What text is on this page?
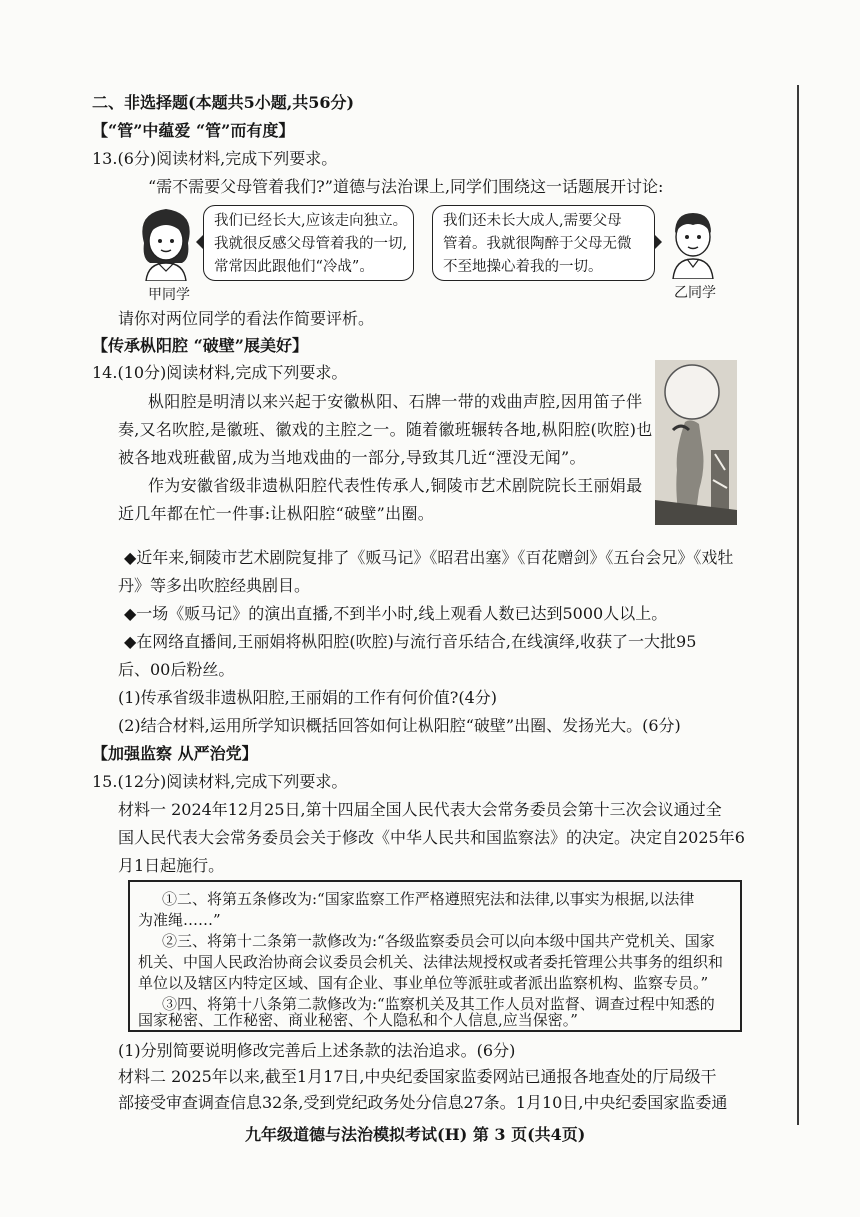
二、非选择题(本题共5小题,共56分)
【“管”中蕴爱 “管”而有度】
13.(6分)阅读材料,完成下列要求。
“需不需要父母管着我们?”道德与法治课上,同学们围绕这一话题展开讨论:
甲同学
我们已经长大,应该走向独立。
我就很反感父母管着我的一切,
常常因此跟他们“冷战”。
我们还未长大成人,需要父母
管着。我就很陶醉于父母无微
不至地操心着我的一切。
乙同学
请你对两位同学的看法作简要评析。
【传承枞阳腔 “破壁”展美好】
14.(10分)阅读材料,完成下列要求。
枞阳腔是明清以来兴起于安徽枞阳、石牌一带的戏曲声腔,因用笛子伴
奏,又名吹腔,是徽班、徽戏的主腔之一。随着徽班辗转各地,枞阳腔(吹腔)也
被各地戏班截留,成为当地戏曲的一部分,导致其几近“湮没无闻”。
作为安徽省级非遗枞阳腔代表性传承人,铜陵市艺术剧院院长王丽娟最
近几年都在忙一件事:让枞阳腔“破壁”出圈。
◆近年来,铜陵市艺术剧院复排了《贩马记》《昭君出塞》《百花赠剑》《五台会兄》《戏牡
丹》等多出吹腔经典剧目。
◆一场《贩马记》的演出直播,不到半小时,线上观看人数已达到5000人以上。
◆在网络直播间,王丽娟将枞阳腔(吹腔)与流行音乐结合,在线演绎,收获了一大批95
后、00后粉丝。
(1)传承省级非遗枞阳腔,王丽娟的工作有何价值?(4分)
(2)结合材料,运用所学知识概括回答如何让枞阳腔“破壁”出圈、发扬光大。(6分)
【加强监察 从严治党】
15.(12分)阅读材料,完成下列要求。
材料一 2024年12月25日,第十四届全国人民代表大会常务委员会第十三次会议通过全
国人民代表大会常务委员会关于修改《中华人民共和国监察法》的决定。决定自2025年6
月1日起施行。
①二、将第五条修改为:“国家监察工作严格遵照宪法和法律,以事实为根据,以法律
为准绳……”
②三、将第十二条第一款修改为:“各级监察委员会可以向本级中国共产党机关、国家
机关、中国人民政治协商会议委员会机关、法律法规授权或者委托管理公共事务的组织和
单位以及辖区内特定区域、国有企业、事业单位等派驻或者派出监察机构、监察专员。”
③四、将第十八条第二款修改为:“监察机关及其工作人员对监督、调查过程中知悉的
国家秘密、工作秘密、商业秘密、个人隐私和个人信息,应当保密。”
(1)分别简要说明修改完善后上述条款的法治追求。(6分)
材料二 2025年以来,截至1月17日,中央纪委国家监委网站已通报各地查处的厅局级干
部接受审查调查信息32条,受到党纪政务处分信息27条。1月10日,中央纪委国家监委通
九年级道德与法治模拟考试(H) 第 3 页(共4页)
